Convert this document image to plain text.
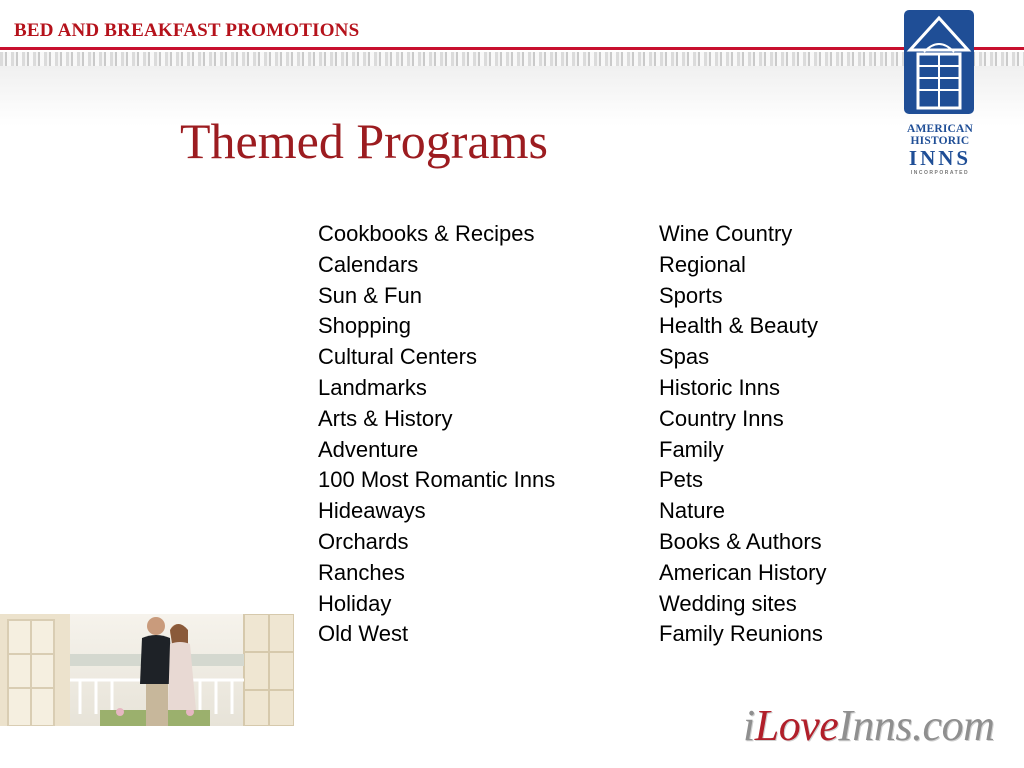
BED AND BREAKFAST PROMOTIONS
AMERICAN
HISTORIC
INNS
INCORPORATED
Themed Programs
Cookbooks & Recipes
Calendars
Sun & Fun
Shopping
Cultural Centers
Landmarks
Arts & History
Adventure
100 Most Romantic Inns
Hideaways
Orchards
Ranches
Holiday
Old West
Wine Country
Regional
Sports
Health & Beauty
Spas
Historic Inns
Country Inns
Family
Pets
Nature
Books & Authors
American History
Wedding sites
Family Reunions
iLoveInns.com
